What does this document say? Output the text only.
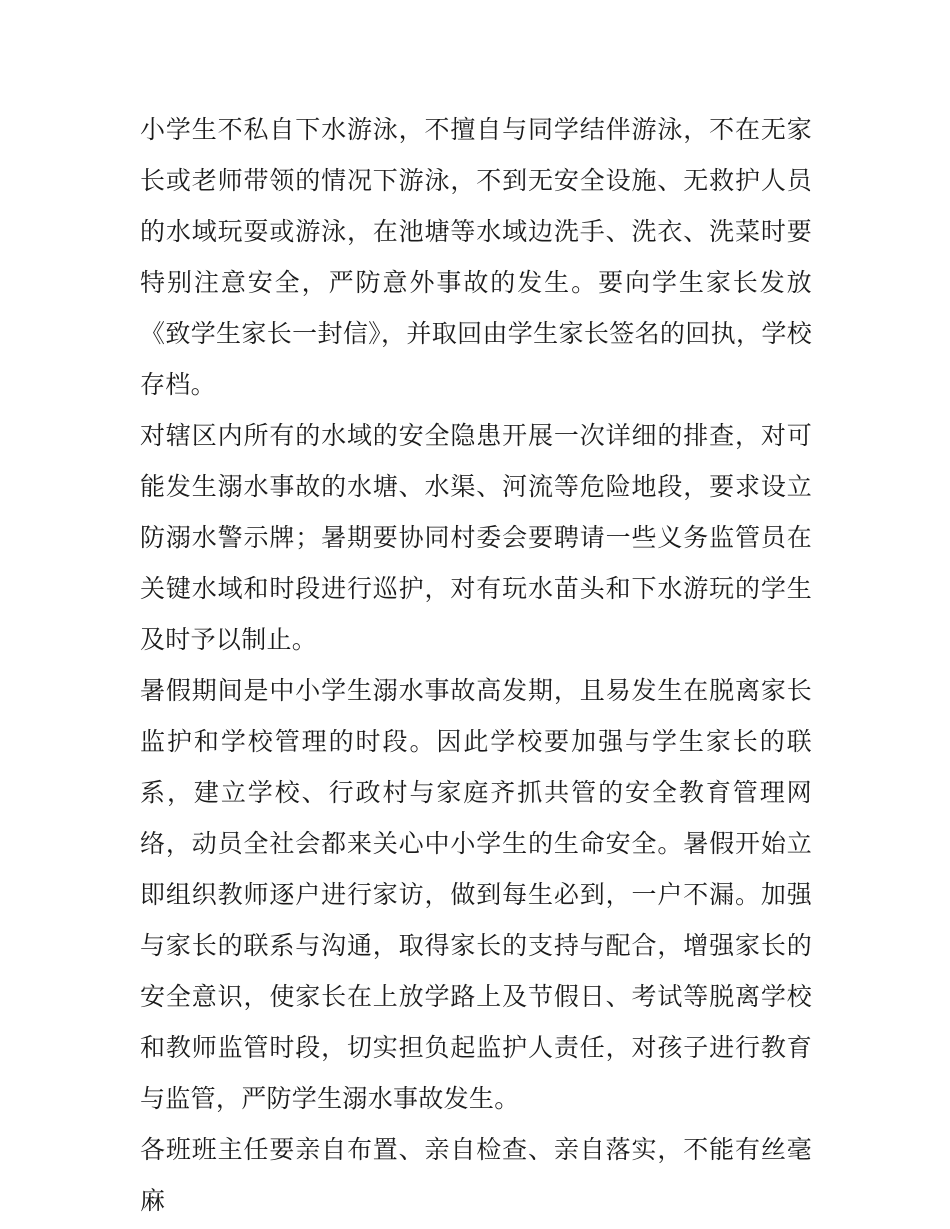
小学生不私自下水游泳，不擅自与同学结伴游泳，不在无家长或老师带领的情况下游泳，不到无安全设施、无救护人员的水域玩耍或游泳，在池塘等水域边洗手、洗衣、洗菜时要特别注意安全，严防意外事故的发生。要向学生家长发放《致学生家长一封信》，并取回由学生家长签名的回执，学校存档。

对辖区内所有的水域的安全隐患开展一次详细的排查，对可能发生溺水事故的水塘、水渠、河流等危险地段，要求设立防溺水警示牌；暑期要协同村委会要聘请一些义务监管员在关键水域和时段进行巡护，对有玩水苗头和下水游玩的学生及时予以制止。

暑假期间是中小学生溺水事故高发期，且易发生在脱离家长监护和学校管理的时段。因此学校要加强与学生家长的联系，建立学校、行政村与家庭齐抓共管的安全教育管理网络，动员全社会都来关心中小学生的生命安全。暑假开始立即组织教师逐户进行家访，做到每生必到，一户不漏。加强与家长的联系与沟通，取得家长的支持与配合，增强家长的安全意识，使家长在上放学路上及节假日、考试等脱离学校和教师监管时段，切实担负起监护人责任，对孩子进行教育与监管，严防学生溺水事故发生。

各班班主任要亲自布置、亲自检查、亲自落实，不能有丝毫麻
